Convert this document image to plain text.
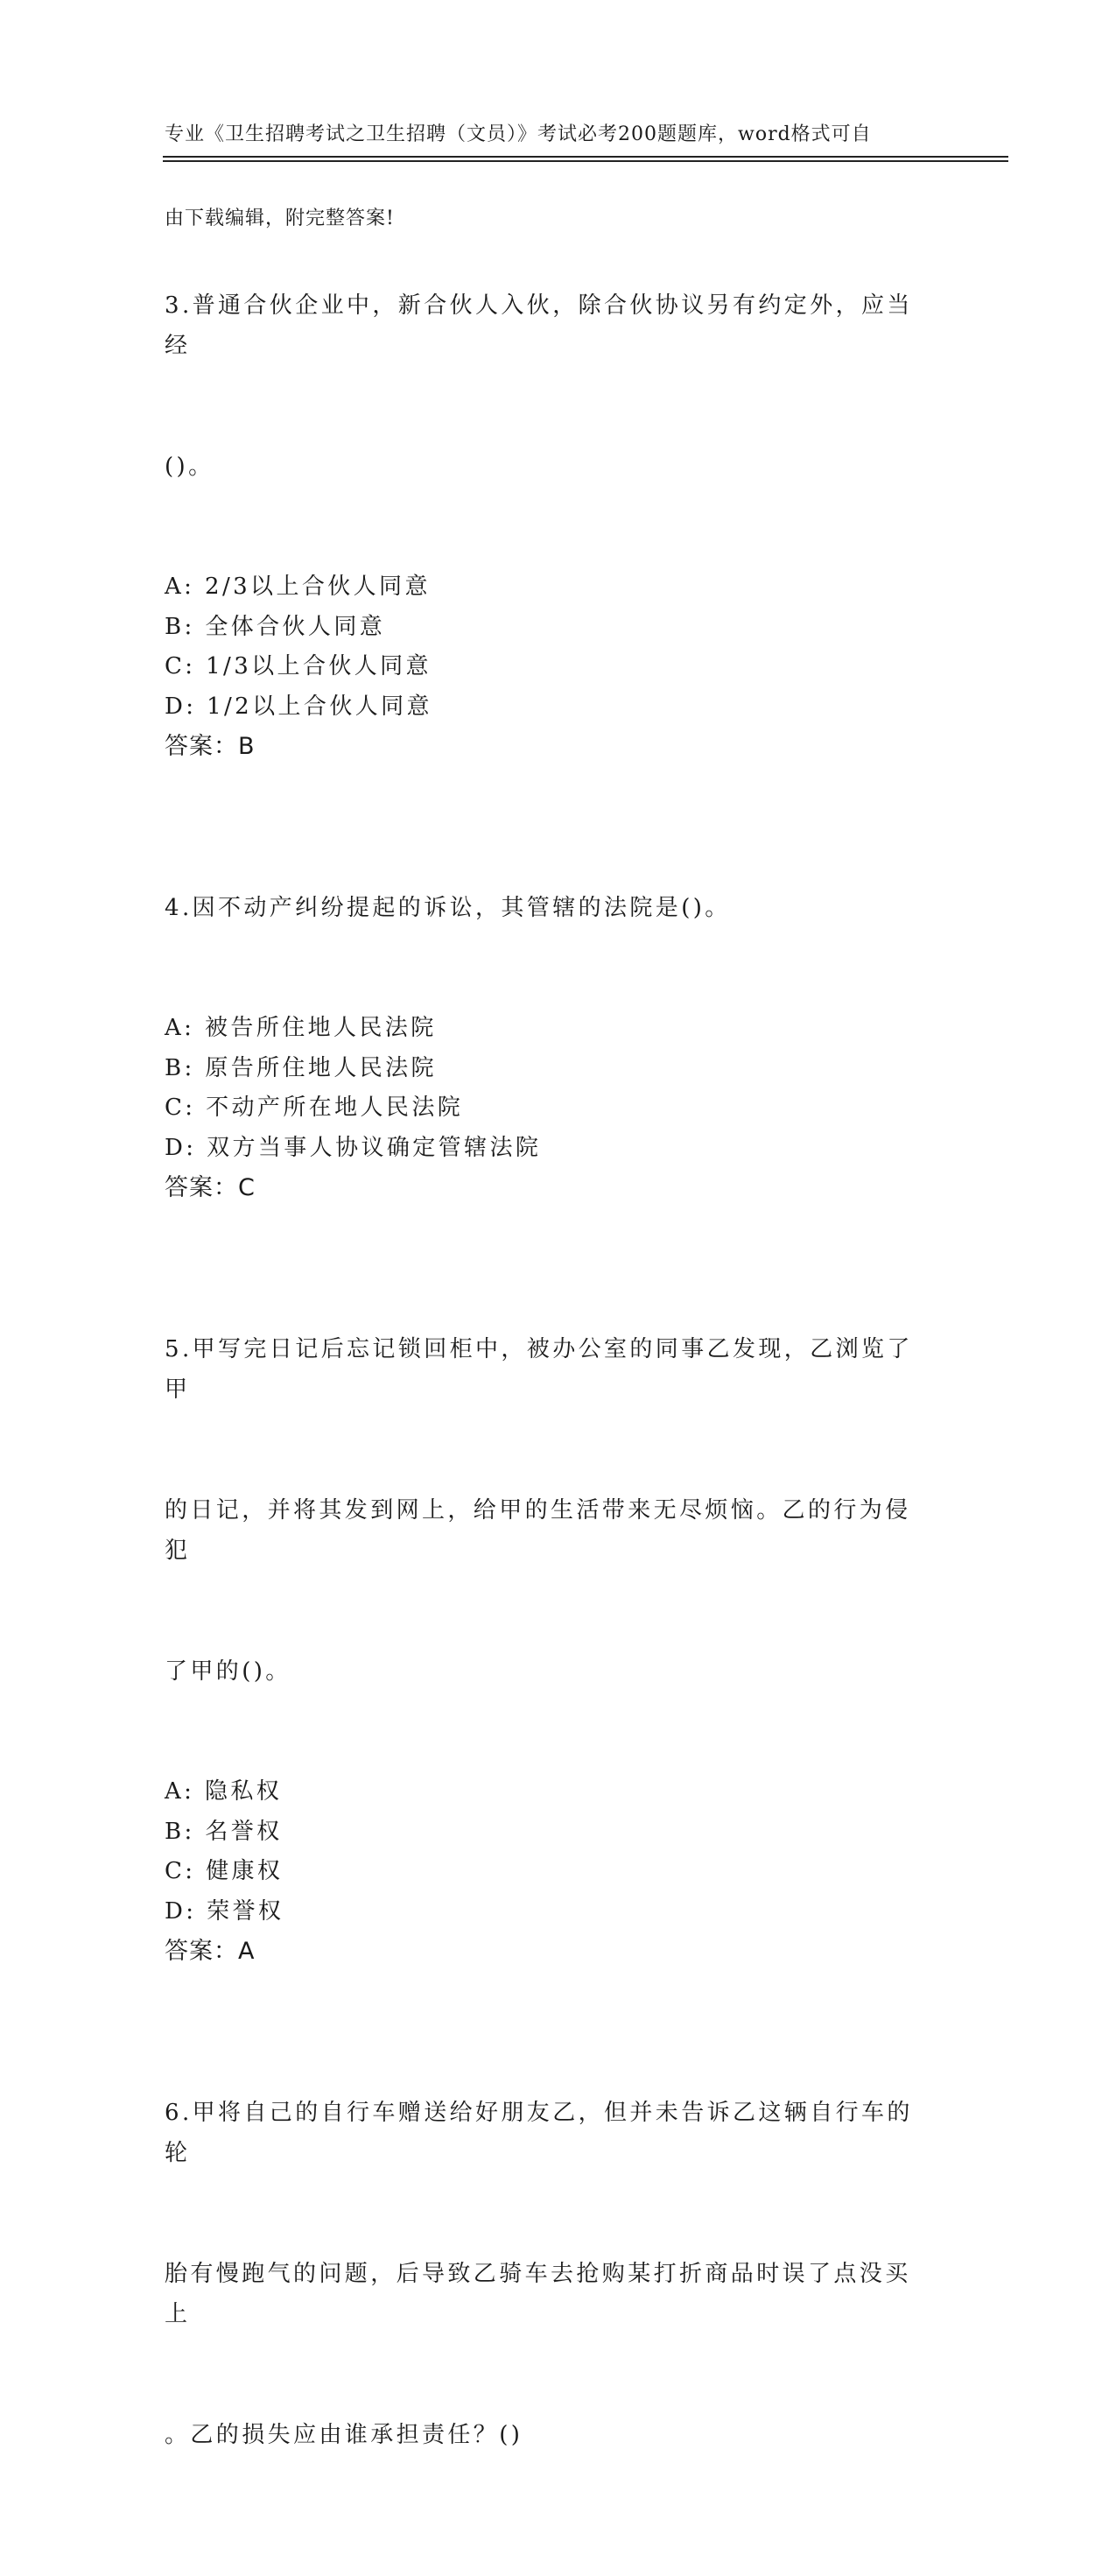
专业《卫生招聘考试之卫生招聘（文员）》考试必考200题题库，word格式可自

由下载编辑，附完整答案!

3.普通合伙企业中，新合伙人入伙，除合伙协议另有约定外，应当经

()。

A: 2/3以上合伙人同意
B: 全体合伙人同意
C: 1/3以上合伙人同意
D: 1/2以上合伙人同意
答案：B

4.因不动产纠纷提起的诉讼，其管辖的法院是()。

A: 被告所住地人民法院
B: 原告所住地人民法院
C: 不动产所在地人民法院
D: 双方当事人协议确定管辖法院
答案：C

5.甲写完日记后忘记锁回柜中，被办公室的同事乙发现，乙浏览了甲

的日记，并将其发到网上，给甲的生活带来无尽烦恼。乙的行为侵犯

了甲的()。

A: 隐私权
B: 名誉权
C: 健康权
D: 荣誉权
答案：A

6.甲将自己的自行车赠送给好朋友乙，但并未告诉乙这辆自行车的轮

胎有慢跑气的问题，后导致乙骑车去抢购某打折商品时误了点没买上

。乙的损失应由谁承担责任？()
